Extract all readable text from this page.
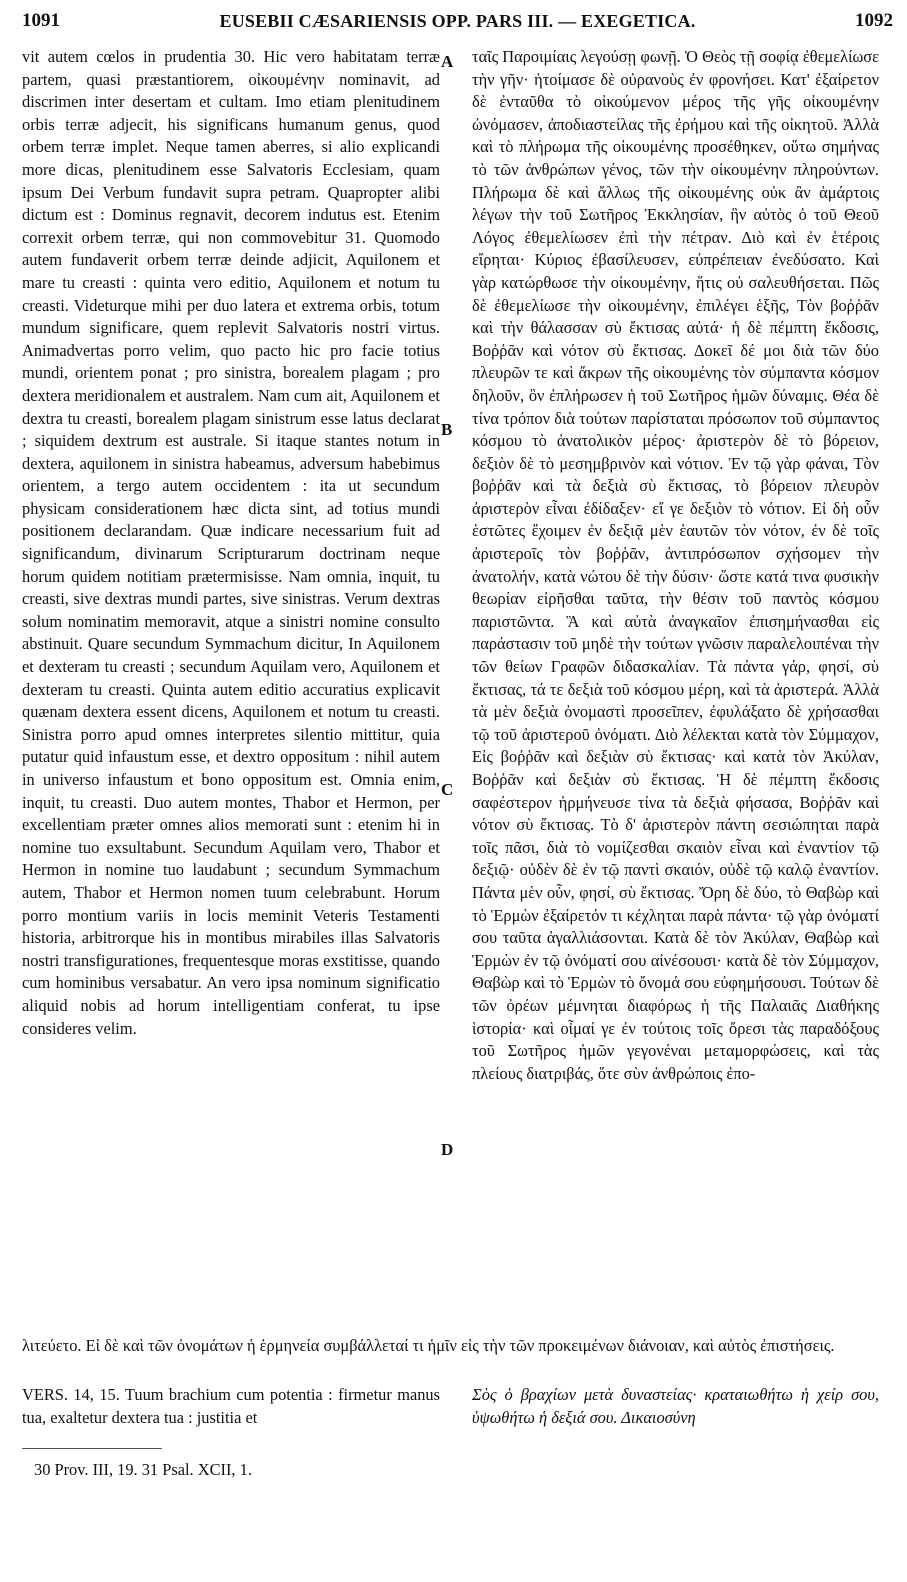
1091	EUSEBII CÆSARIENSIS OPP. PARS III. — EXEGETICA.	1092

vit autem cœlos in prudentia 30. Hic vero habitatam terræ partem, quasi præstantiorem, οἰκουμένην nominavit, ad discrimen inter desertam et cultam. Imo etiam plenitudinem orbis terræ adjecit, his significans humanum genus, quod orbem terræ implet. Neque tamen aberres, si alio explicandi more dicas, plenitudinem esse Salvatoris Ecclesiam, quam ipsum Dei Verbum fundavit supra petram. Quapropter alibi dictum est : Dominus regnavit, decorem indutus est. Etenim correxit orbem terræ, qui non commovebitur 31. Quomodo autem fundaverit orbem terræ deinde adjicit, Aquilonem et mare tu creasti : quinta vero editio, Aquilonem et notum tu creasti. Videturque mihi per duo latera et extrema orbis, totum mundum significare, quem replevit Salvatoris nostri virtus. Animadvertas porro velim, quo pacto hic pro facie totius mundi, orientem ponat ; pro sinistra, borealem plagam ; pro dextera meridionalem et australem. Nam cum ait, Aquilonem et dextra tu creasti, borealem plagam sinistrum esse latus declarat ; siquidem dextrum est australe. Si itaque stantes notum in dextera, aquilonem in sinistra habeamus, adversum habebimus orientem, a tergo autem occidentem : ita ut secundum physicam considerationem hæc dicta sint, ad totius mundi positionem declarandam. Quæ indicare necessarium fuit ad significandum, divinarum Scripturarum doctrinam neque horum quidem notitiam prætermisisse. Nam omnia, inquit, tu creasti, sive dextras mundi partes, sive sinistras. Verum dextras solum nominatim memoravit, atque a sinistri nomine consulto abstinuit. Quare secundum Symmachum dicitur, In Aquilonem et dexteram tu creasti ; secundum Aquilam vero, Aquilonem et dexteram tu creasti. Quinta autem editio accuratius explicavit quænam dextera essent dicens, Aquilonem et notum tu creasti. Sinistra porro apud omnes interpretes silentio mittitur, quia putatur quid infaustum esse, et dextro oppositum : nihil autem in universo infaustum et bono oppositum est. Omnia enim, inquit, tu creasti. Duo autem montes, Thabor et Hermon, per excellentiam præter omnes alios memorati sunt : etenim hi in nomine tuo exsultabunt. Secundum Aquilam vero, Thabor et Hermon in nomine tuo laudabunt ; secundum Symmachum autem, Thabor et Hermon nomen tuum celebrabunt. Horum porro montium variis in locis meminit Veteris Testamenti historia, arbitrorque his in montibus mirabiles illas Salvatoris nostri transfigurationes, frequentesque moras exstitisse, quando cum hominibus versabatur. An vero ipsa nominum significatio aliquid nobis ad horum intelligentiam conferat, tu ipse consideres velim.

A
B
C
D

ταῖς Παροιμίαις λεγούσῃ φωνῇ. Ὁ Θεὸς τῇ σοφίᾳ ἐθεμελίωσε τὴν γῆν· ἡτοίμασε δὲ οὐρανοὺς ἐν φρονήσει. Κατ' ἐξαίρετον δὲ ἐνταῦθα τὸ οἰκούμενον μέρος τῆς γῆς οἰκουμένην ὠνόμασεν, ἀποδιαστείλας τῆς ἐρήμου καὶ τῆς οἰκητοῦ. Ἀλλὰ καὶ τὸ πλήρωμα τῆς οἰκουμένης προσέθηκεν, οὕτω σημήνας τὸ τῶν ἀνθρώπων γένος, τῶν τὴν οἰκουμένην πληρούντων. Πλήρωμα δὲ καὶ ἄλλως τῆς οἰκουμένης οὐκ ἂν ἁμάρτοις λέγων τὴν τοῦ Σωτῆρος Ἐκκλησίαν, ἣν αὐτὸς ὁ τοῦ Θεοῦ Λόγος ἐθεμελίωσεν ἐπὶ τὴν πέτραν. Διὸ καὶ ἐν ἑτέροις εἴρηται· Κύριος ἐβασίλευσεν, εὐπρέπειαν ἐνεδύσατο. Καὶ γὰρ κατώρθωσε τὴν οἰκουμένην, ἥτις οὐ σαλευθήσεται. Πῶς δὲ ἐθεμελίωσε τὴν οἰκουμένην, ἐπιλέγει ἑξῆς, Τὸν βοῤῥᾶν καὶ τὴν θάλασσαν σὺ ἔκτισας αὐτά· ἡ δὲ πέμπτη ἔκδοσις, Βοῤῥᾶν καὶ νότον σὺ ἔκτισας. Δοκεῖ δέ μοι διὰ τῶν δύο πλευρῶν τε καὶ ἄκρων τῆς οἰκουμένης τὸν σύμπαντα κόσμον δηλοῦν, ὃν ἐπλήρωσεν ἡ τοῦ Σωτῆρος ἡμῶν δύναμις. Θέα δὲ τίνα τρόπον διὰ τούτων παρίσταται πρόσωπον τοῦ σύμπαντος κόσμου τὸ ἀνατολικὸν μέρος· ἀριστερὸν δὲ τὸ βόρειον, δεξιὸν δὲ τὸ μεσημβρινὸν καὶ νότιον. Ἐν τῷ γὰρ φάναι, Τὸν βοῤῥᾶν καὶ τὰ δεξιὰ σὺ ἔκτισας, τὸ βόρειον πλευρὸν ἀριστερὸν εἶναι ἐδίδαξεν· εἴ γε δεξιὸν τὸ νότιον. Εἰ δὴ οὖν ἑστῶτες ἔχοιμεν ἐν δεξιᾷ μὲν ἑαυτῶν τὸν νότον, ἐν δὲ τοῖς ἀριστεροῖς τὸν βοῤῥᾶν, ἀντιπρόσωπον σχήσομεν τὴν ἀνατολήν, κατὰ νώτου δὲ τὴν δύσιν· ὥστε κατά τινα φυσικὴν θεωρίαν εἰρῆσθαι ταῦτα, τὴν θέσιν τοῦ παντὸς κόσμου παριστῶντα. Ἃ καὶ αὐτὰ ἀναγκαῖον ἐπισημήνασθαι εἰς παράστασιν τοῦ μηδὲ τὴν τούτων γνῶσιν παραλελοιπέναι τὴν τῶν θείων Γραφῶν διδασκαλίαν. Τὰ πάντα γάρ, φησί, σὺ ἔκτισας, τά τε δεξιὰ τοῦ κόσμου μέρη, καὶ τὰ ἀριστερά. Ἀλλὰ τὰ μὲν δεξιὰ ὀνομαστὶ προσεῖπεν, ἐφυλάξατο δὲ χρήσασθαι τῷ τοῦ ἀριστεροῦ ὀνόματι. Διὸ λέλεκται κατὰ τὸν Σύμμαχον, Εἰς βοῤῥᾶν καὶ δεξιὰν σὺ ἔκτισας· καὶ κατὰ τὸν Ἀκύλαν, Βοῤῥᾶν καὶ δεξιὰν σὺ ἔκτισας. Ἡ δὲ πέμπτη ἔκδοσις σαφέστερον ἡρμήνευσε τίνα τὰ δεξιὰ φήσασα, Βοῤῥᾶν καὶ νότον σὺ ἔκτισας. Τὸ δ' ἀριστερὸν πάντη σεσιώπηται παρὰ τοῖς πᾶσι, διὰ τὸ νομίζεσθαι σκαιὸν εἶναι καὶ ἐναντίον τῷ δεξιῷ· οὐδὲν δὲ ἐν τῷ παντὶ σκαιόν, οὐδὲ τῷ καλῷ ἐναντίον. Πάντα μὲν οὖν, φησί, σὺ ἔκτισας. Ὄρη δὲ δύο, τὸ Θαβὼρ καὶ τὸ Ἑρμὼν ἐξαίρετόν τι κέχληται παρὰ πάντα· τῷ γὰρ ὀνόματί σου ταῦτα ἀγαλλιάσονται. Κατὰ δὲ τὸν Ἀκύλαν, Θαβὼρ καὶ Ἑρμὼν ἐν τῷ ὀνόματί σου αἰνέσουσι· κατὰ δὲ τὸν Σύμμαχον, Θαβὼρ καὶ τὸ Ἑρμὼν τὸ ὄνομά σου εὐφημήσουσι. Τούτων δὲ τῶν ὀρέων μέμνηται διαφόρως ἡ τῆς Παλαιᾶς Διαθήκης ἱστορία· καὶ οἶμαί γε ἐν τούτοις τοῖς ὄρεσι τὰς παραδόξους τοῦ Σωτῆρος ἡμῶν γεγονέναι μεταμορφώσεις, καὶ τὰς πλείους διατριβάς, ὅτε σὺν ἀνθρώποις ἐπο-

λιτεύετο. Εἰ δὲ καὶ τῶν ὀνομάτων ἡ ἑρμηνεία συμβάλλεταί τι ἡμῖν εἰς τὴν τῶν προκειμένων διάνοιαν, καὶ αὐτὸς ἐπιστήσεις.
VERS. 14, 15. Tuum brachium cum potentia : firmetur manus tua, exaltetur dextera tua : justitia et
Σὸς ὁ βραχίων μετὰ δυναστείας· κραταιωθήτω ἡ χείρ σου, ὑψωθήτω ἡ δεξιά σου. Δικαιοσύνη
30 Prov. III, 19. 31 Psal. XCII, 1.
